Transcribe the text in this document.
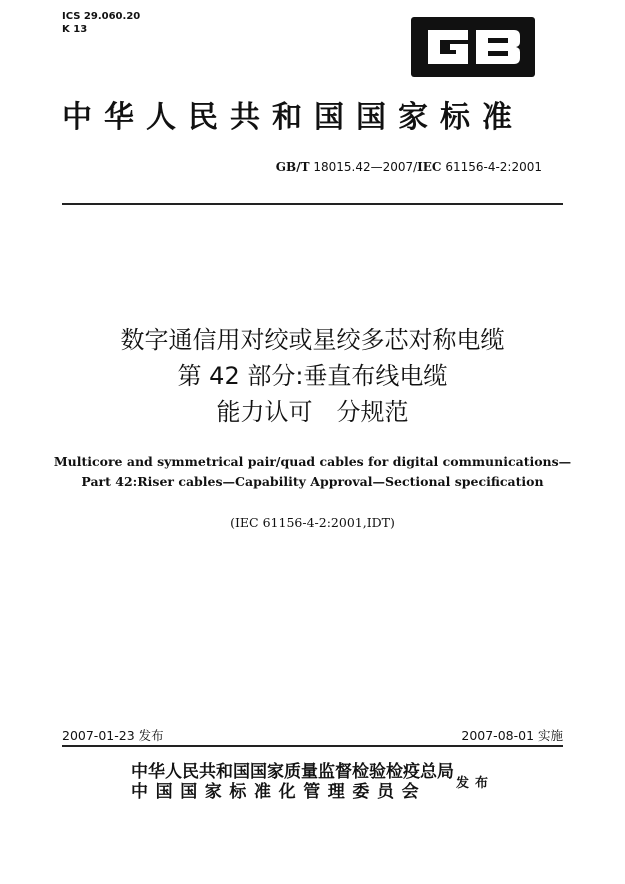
ICS 29.060.20
K 13
中华人民共和国国家标准
GB/T 18015.42—2007/IEC 61156-4-2:2001
数字通信用对绞或星绞多芯对称电缆
第 42 部分:垂直布线电缆
能力认可　分规范
Multicore and symmetrical pair/quad cables for digital communications—
Part 42:Riser cables—Capability Approval—Sectional specification
(IEC 61156-4-2:2001,IDT)
2007-01-23 发布	2007-08-01 实施
中华人民共和国国家质量监督检验检疫总局
中国国家标准化管理委员会 发布
